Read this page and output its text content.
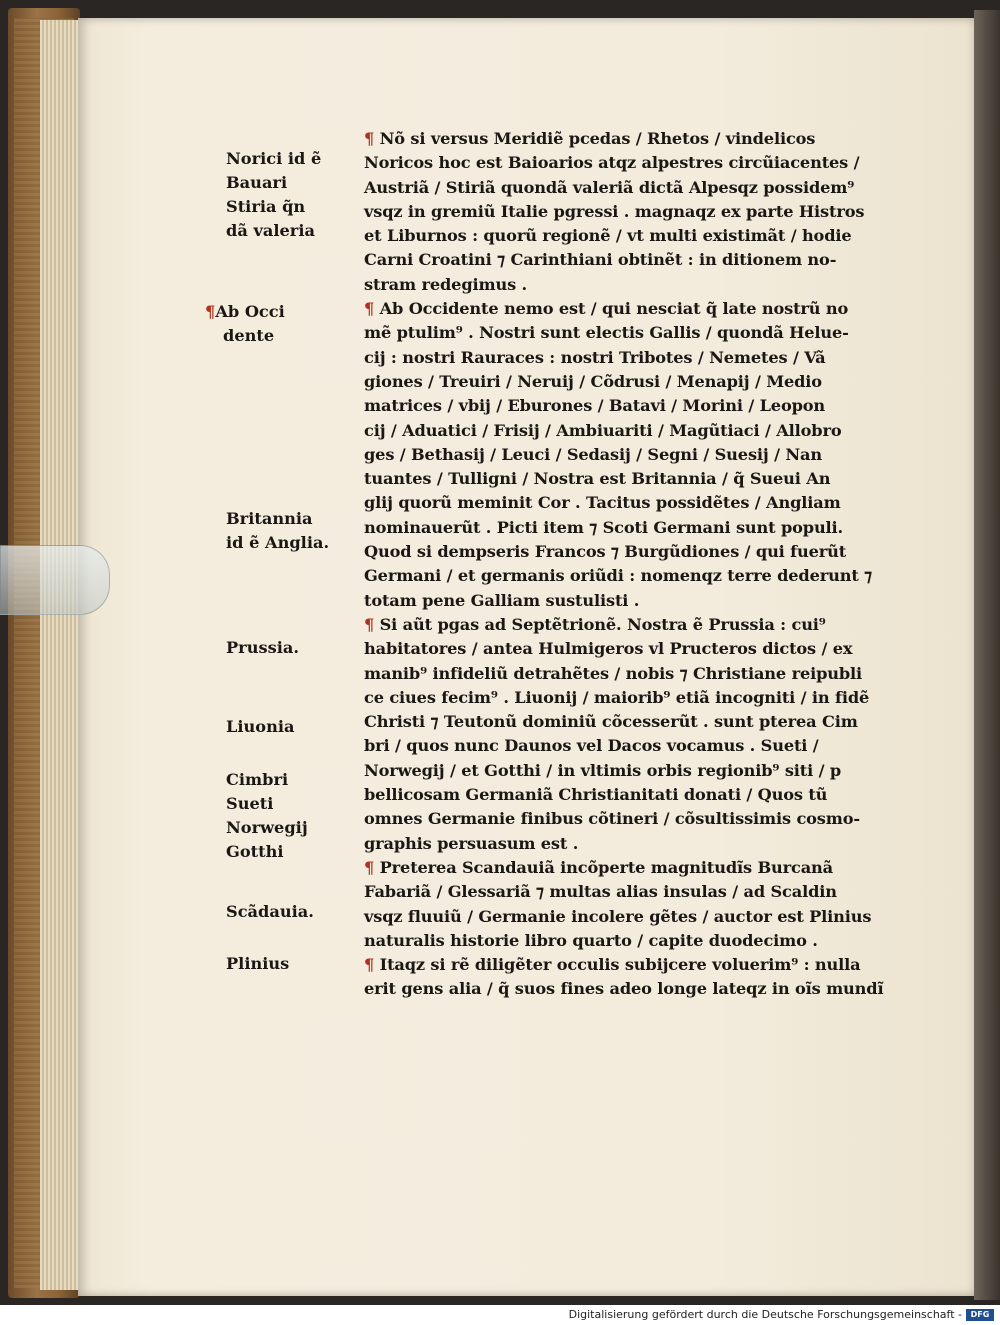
Norici id ẽ
Bauari
Stiria q̃n
dã valeria
¶Ab Occi
dente
Britannia
id ẽ Anglia.
Prussia.
Liuonia
Cimbri
Sueti
Norwegij
Gotthi
Scãdauia.
Plinius
¶ Nõ si versus Meridiẽ pcedas / Rhetos / vindelicos
Noricos hoc est Baioarios atqz alpestres circũiacentes /
Austriã / Stiriã quondã valeriã dictã Alpesqz possidem⁹
vsqz in gremiũ Italie pgressi . magnaqz ex parte Histros
et Liburnos : quorũ regionẽ / vt multi existimãt / hodie
Carni Croatini ⁊ Carinthiani obtinẽt : in ditionem no-
stram redegimus .
¶ Ab Occidente nemo est / qui nesciat q̃ late nostrũ no
mẽ ptulim⁹ . Nostri sunt electis Gallis / quondã Helue-
cij : nostri Rauraces : nostri Tribotes / Nemetes / Vã
giones / Treuiri / Neruij / Cõdrusi / Menapij / Medio
matrices / vbij / Eburones / Batavi / Morini / Leopon
cij / Aduatici / Frisij / Ambiuariti / Magũtiaci / Allobro
ges / Bethasij / Leuci / Sedasij / Segni / Suesij / Nan
tuantes / Tulligni / Nostra est Britannia / q̃ Sueui An
glij quorũ meminit Cor . Tacitus possidẽtes / Angliam
nominauerũt . Picti item ⁊ Scoti Germani sunt populi.
Quod si dempseris Francos ⁊ Burgũdiones / qui fuerũt
Germani / et germanis oriũdi : nomenqz terre dederunt ⁊
totam pene Galliam sustulisti .
¶ Si aũt pgas ad Septẽtrionẽ. Nostra ẽ Prussia : cui⁹
habitatores / antea Hulmigeros vl Pructeros dictos / ex
manib⁹ infideliũ detrahẽtes / nobis ⁊ Christiane reipubli
ce ciues fecim⁹ . Liuonij / maiorib⁹ etiã incogniti / in fidẽ
Christi ⁊ Teutonũ dominiũ cõcesserũt . sunt pterea Cim
bri / quos nunc Daunos vel Dacos vocamus . Sueti /
Norwegij / et Gotthi / in vltimis orbis regionib⁹ siti / p
bellicosam Germaniã Christianitati donati / Quos tũ
omnes Germanie finibus cõtineri / cõsultissimis cosmo-
graphis persuasum est .
¶ Preterea Scandauiã incõperte magnitudĩs Burcanã
Fabariã / Glessariã ⁊ multas alias insulas / ad Scaldin
vsqz fluuiũ / Germanie incolere gẽtes / auctor est Plinius
naturalis historie libro quarto / capite duodecimo .
¶ Itaqz si rẽ diligẽter occulis subijcere voluerim⁹ : nulla
erit gens alia / q̃ suos fines adeo longe lateqz in oĩs mundĩ
Digitalisierung gefördert durch die Deutsche Forschungsgemeinschaft -	DFG
